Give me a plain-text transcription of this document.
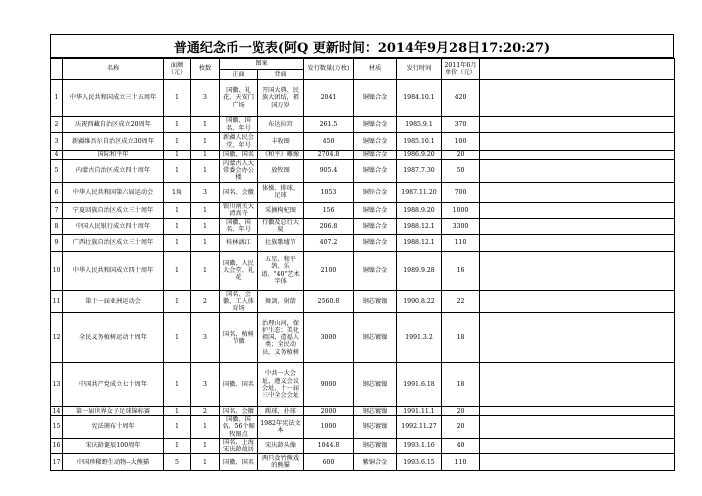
普通纪念币一览表(阿Q 更新时间：2014年9月28日17:20:27)
	名称	面额（元）	枚数	图案		发行数量(万枚)	材质	发行时间	2011年6月单价（元）	
				正面	背面					
1	中华人民共和国成立三十五周年	1	3	国徽、礼花、天安门广场	开国大典、民族大团结，祖国万岁	2041	铜镍合金	1984.10.1	420	
2	庆祝西藏自治区成立20周年	1	1	国徽、国名、年号	布达拉宫	261.5	铜镍合金	1985.9.1	370	
3	新疆维吾尔自治区成立30周年	1	1	新疆人民会堂、年号	丰收图	450	铜镍合金	1985.10.1	100	
4	国际和平年	1	1	国徽、国名	《和平》雕像	2704.8	铜镍合金	1986.9.20	20	
5	内蒙古自治区成立四十周年	1	1	内蒙古人大常委会办公楼	放牧图	905.4	铜镍合金	1987.7.30	50	
6	中华人民共和国第六届运动会	1角	3	国名、会徽	体操、排球、足球	1053	铜锌合金	1987.11.20	700	
7	宁夏回族自治区成立三十周年	1	1	银川南关大清真寺	采摘枸杞图	156	铜镍合金	1988.9.20	1000	
8	中国人民银行成立四十周年	1	1	国徽、国名、年号	行徽及总行大厦	206.8	铜镍合金	1988.12.1	3300	
9	广西壮族自治区成立三十周年	1	1	桂林漓江	壮族歌墟节	407.2	铜镍合金	1988.12.1	110	
10	中华人民共和国成立四十周年	1	1	国徽、人民大会堂、礼花	五星、和平鸽、乐谱、"40"艺术字体	2100	铜镍合金	1989.9.28	16	
11	第十一届亚洲运动会	1	2	国名、会徽、工人体育场	舞剑、射箭	2560.8	钢芯镀镍	1990.8.22	22	
12	全民义务植树运动十周年	1	3	国名、植树节徽	治理山河，保护生态；美化祖国，造福人类；全民动员，义务植树	3000	钢芯镀镍	1991.3.2	18	
13	中国共产党成立七十周年	1	3	国徽、国名	中共一大会址，遵义会议会址，十一届三中全会会址	9000	钢芯镀镍	1991.6.18	18	
14	第一届世界女子足球锦标赛	1	2	国名、会徽	踢球、扑球	2000	钢芯镀镍	1991.11.1	20	
15	宪法颁布十周年	1	1	国徽、国名、56个鲸牧图点	1982年宪法文本	1000	钢芯镀镍	1992.11.27	20	
16	宋庆龄诞辰100周年	1	1	国名、上海宋庆龄故居	宋庆龄头像	1044.8	钢芯镀镍	1993.1.16	40	
17	中国珍稀野生动物--大熊猫	5	1	国徽、国名	两只食竹熊戏的熊猫	600	紫铜合金	1993.6.15	110	
